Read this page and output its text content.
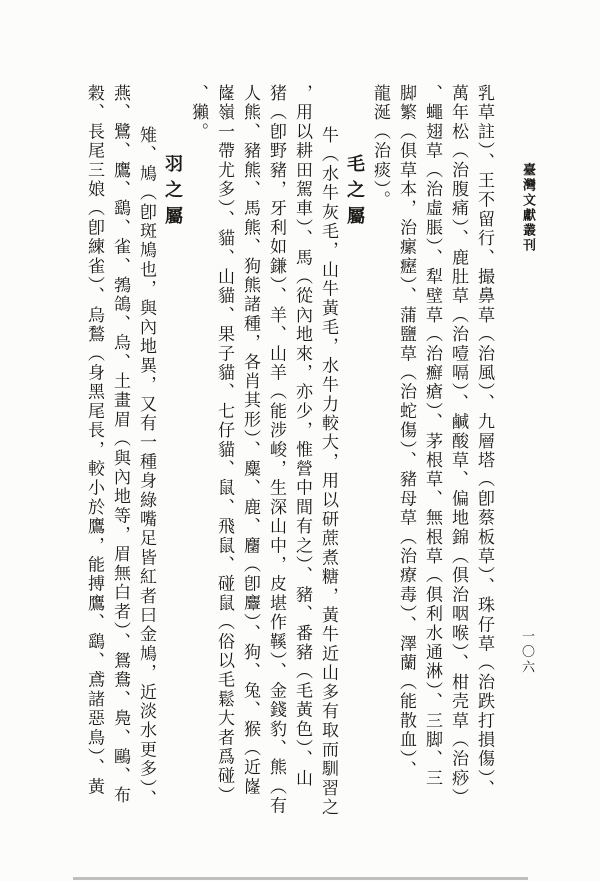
臺灣文獻叢刊
一〇六
乳草註）、王不留行、撮鼻草（治風）、九層塔（卽蔡板草）、珠仔草（治跌打損傷）、
萬年松（治腹痛）、鹿肚草（治噎嗝）、鹹酸草、偏地錦（俱治咽喉）、柑壳草（治痧）
、蠅翅草（治虛脹）、犁壁草（治癬瘡）、茅根草、無根草（俱利水通淋）、三脚、三
脚繁（俱草本，治瘰癧）、蒲鹽草（治蛇傷）、豬母草（治療毒）、澤蘭（能散血）、
龍涎（治痰）。
毛之屬
牛（水牛灰毛，山牛黃毛，水牛力較大，用以研蔗煮糖，黃牛近山多有取而馴習之
，用以耕田駕車）、馬（從內地來，亦少，惟營中間有之）、豬、番豬（毛黃色）、山
猪（卽野豬，牙利如鎌）、羊、山羊（能涉峻，生深山中，皮堪作鞵）、金錢豹、熊（有
人熊、豬熊、馬熊、狗熊諸種，各肖其形）、麋、鹿、麕（卽麞）、狗、兔、猴（近嶐
嶐嶺一帶尤多）、貓、山貓、果子貓、七仔貓、鼠、飛鼠、碰鼠（俗以毛鬆大者爲碰）
、獺。
羽之屬
雉、鳩（卽斑鳩也，與內地異，又有一種身綠嘴足皆紅者曰金鳩，近淡水更多）、
燕、鷺、鷹、鷂、雀、鵓鴿、烏、土畫眉（與內地等，眉無白者）、鴛鴦、鳧、鷗、布
穀、長尾三娘（卽練雀）、烏鶖（身黑尾長，較小於鷹，能搏鷹、鷂、鳶諸惡鳥）、黃
